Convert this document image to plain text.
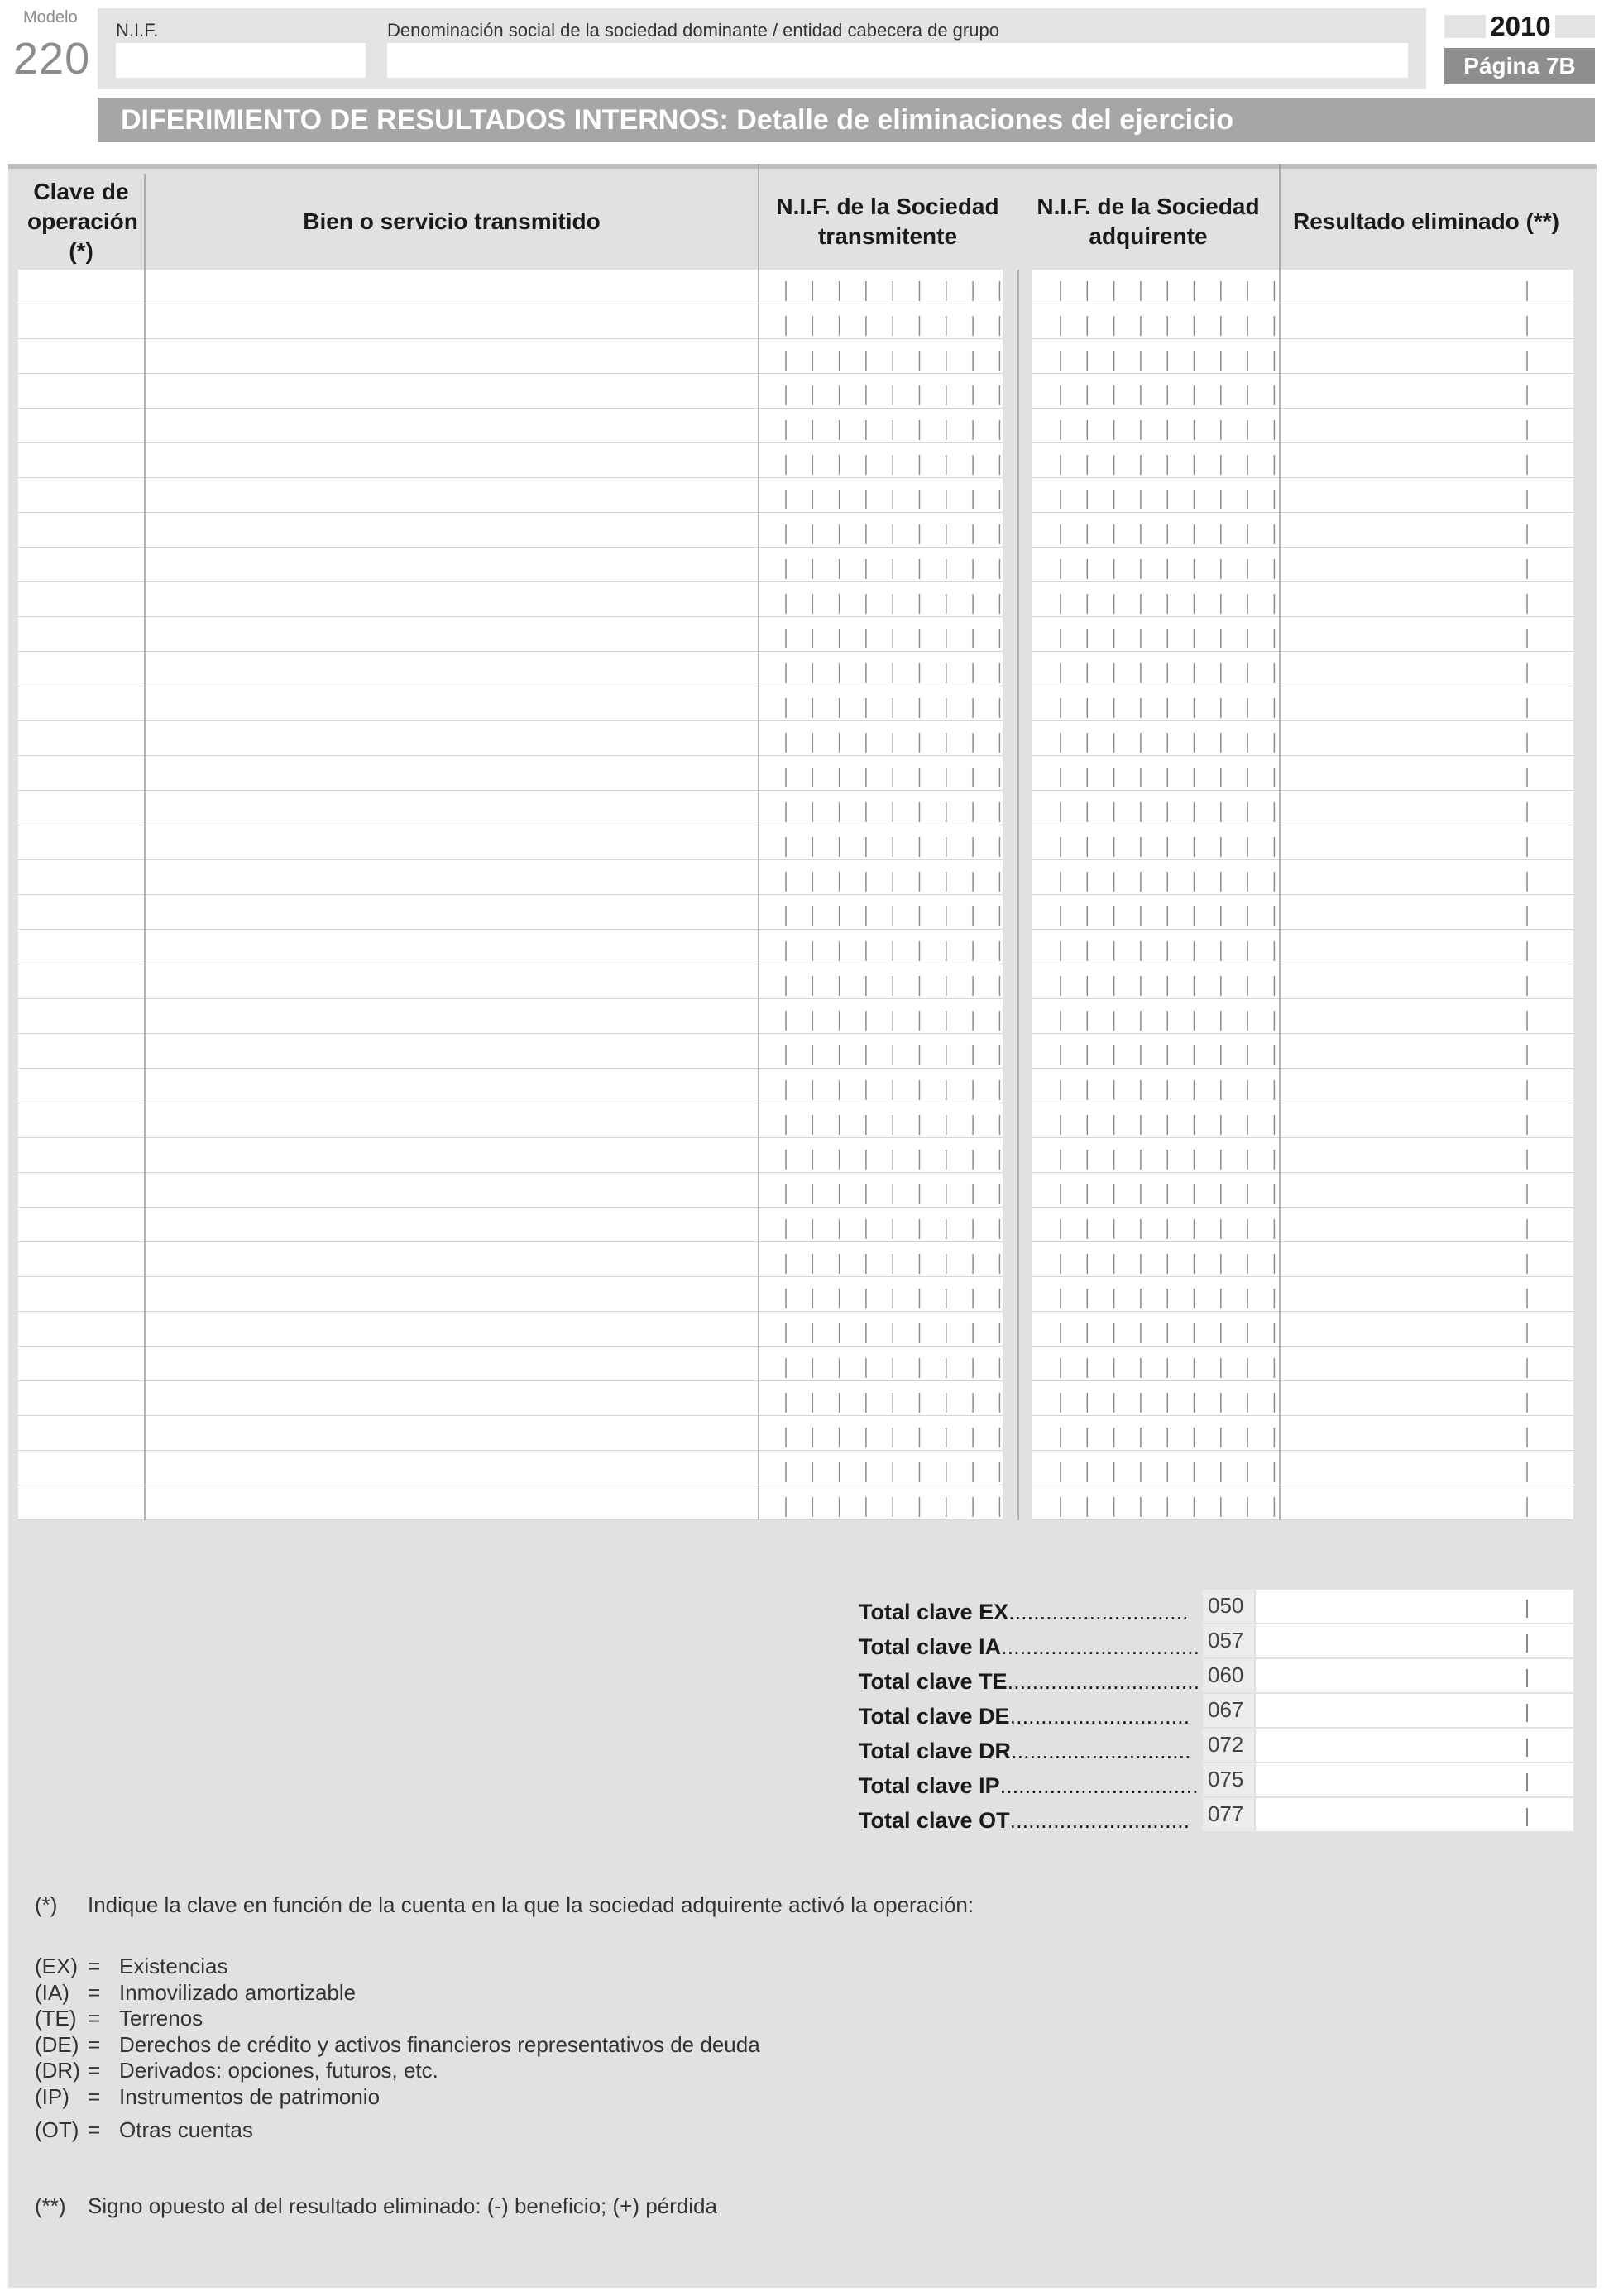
Modelo
220
N.I.F.	Denominación social de la sociedad dominante / entidad cabecera de grupo	2010
Página 7B
DIFERIMIENTO DE RESULTADOS INTERNOS: Detalle de eliminaciones del ejercicio
Clave de operación (*)
Bien o servicio transmitido
N.I.F. de la Sociedad transmitente
N.I.F. de la Sociedad adquirente
Resultado eliminado (**)
Total clave EX............................. 050
Total clave IA................................ 057
Total clave TE............................... 060
Total clave DE............................. 067
Total clave DR............................. 072
Total clave IP................................ 075
Total clave OT............................. 077
(*) Indique la clave en función de la cuenta en la que la sociedad adquirente activó la operación:
(EX) = Existencias
(IA) = Inmovilizado amortizable
(TE) = Terrenos
(DE) = Derechos de crédito y activos financieros representativos de deuda
(DR) = Derivados: opciones, futuros, etc.
(IP) = Instrumentos de patrimonio
(OT) = Otras cuentas
(**) Signo opuesto al del resultado eliminado: (-) beneficio; (+) pérdida
